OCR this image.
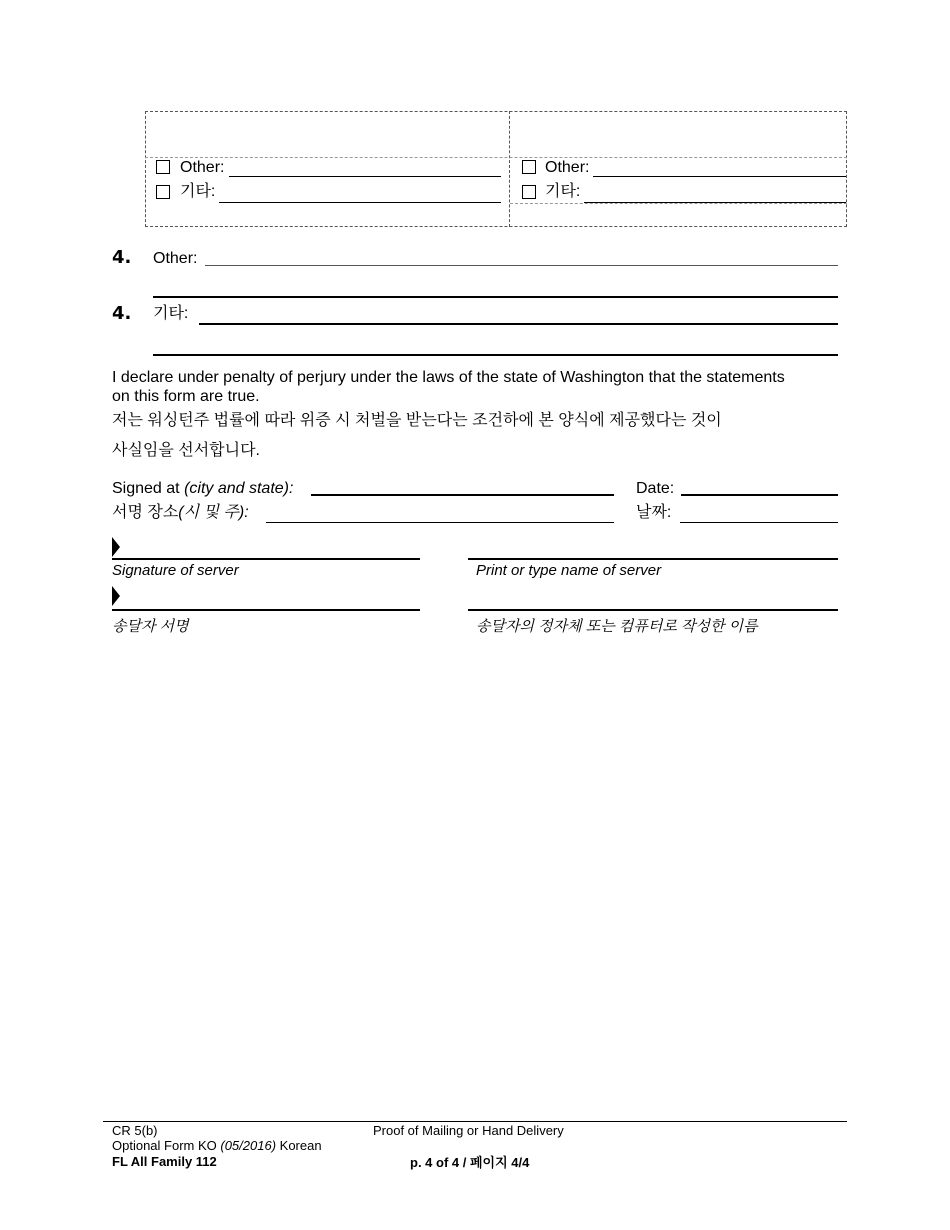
Other:
기타:
Other:
기타:
4. Other:
4. 기타:
I declare under penalty of perjury under the laws of the state of Washington that the statements
on this form are true.
저는 워싱턴주 법률에 따라 위증 시 처벌을 받는다는 조건하에 본 양식에 제공했다는 것이
사실임을 선서합니다.
Signed at (city and state):	Date:
서명 장소(시 및 주):	날짜:
Signature of server	Print or type name of server
송달자 서명	송달자의 정자체 또는 컴퓨터로 작성한 이름
CR 5(b)
Optional Form KO (05/2016) Korean
FL All Family 112
Proof of Mailing or Hand Delivery
p. 4 of 4 / 페이지 4/4
